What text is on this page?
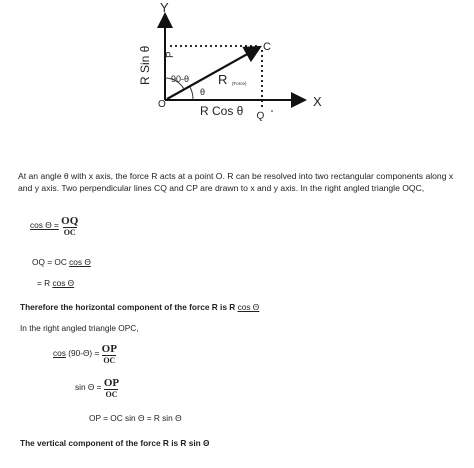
Y
X
R Sin θ P
C
90-θ R (Force)
θ
O	R Cos θ Q
At an angle θ with x axis, the force R acts at a point O. R can be resolved into two rectangular components along x and y axis. Two perpendicular lines CQ and CP are drawn to x and y axis. In the right angled triangle OQC,
$\cos \Theta = \frac{OQ}{OC}$
OQ = OC cos Θ
= R cos Θ
Therefore the horizontal component of the force R is R cos Θ
In the right angled triangle OPC,
$\cos (90-\Theta) = \frac{OP}{OC}$
$\sin \Theta = \frac{OP}{OC}$
OP = OC sin Θ = R sin Θ
The vertical component of the force R is R sin Θ
